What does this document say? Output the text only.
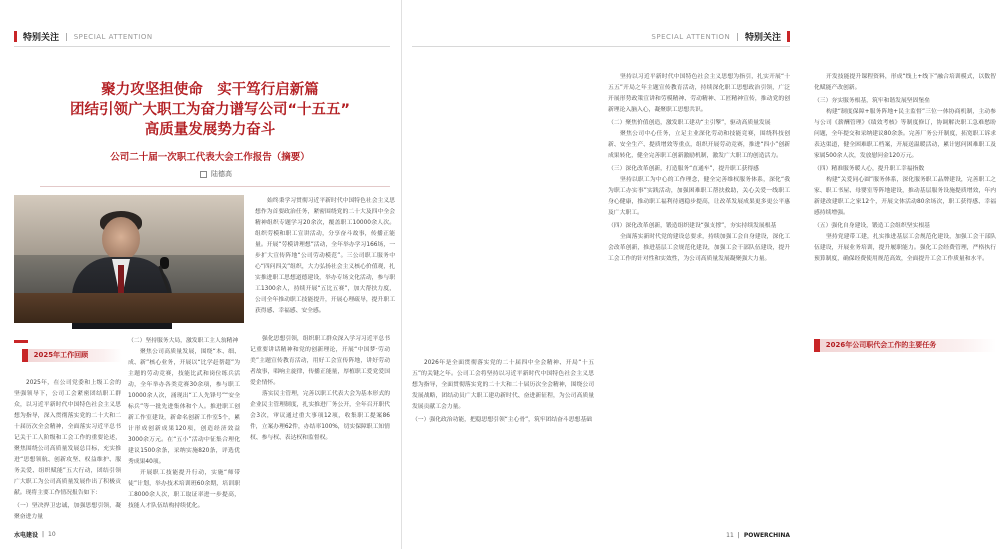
特别关注 | SPECIAL ATTENTION
聚力攻坚担使命　实干笃行启新篇
团结引领广大职工为奋力谱写公司“十五五”
高质量发展势力奋斗
公司二十届一次职工代表大会工作报告（摘要）
陆德高

始终秉学习贯彻习近平新时代中国特色社会主义思想作为首要政治任务，紧密围绕党的二十大及四中全会精神组织专题学习20余次，覆盖职工10000余人次。组织劳模和职工宣讲活动，分享奋斗故事，传播正能量。开展“劳模讲理想”活动，全年举办学习166场，一步扩大宣传阵地“公司劳动模范”。三公司职工服务中心“四问四关”组织，大力弘扬社会主义核心价值观，扎实推进职工思想道德建设，举办专场文化活动，参与职工1300余人，持续开展“五比五赛”，加大帮扶力度，公司全年推动职工技能提升，开展心理疏导，提升职工获得感、幸福感、安全感。

2025年工作回顾

2025年，在公司党委和上级工会的坚强领导下，公司工会紧密团结职工群众，以习近平新时代中国特色社会主义思想为指导，深入贯彻落实党的二十大和二十届历次全会精神，全面落实习近平总书记关于工人阶级和工会工作的重要论述，聚焦围绕公司高质量发展总目标，充实推进“思想领航、创新攻坚、权益维护、服务关爱、组织赋能”五大行动，团结引领广大职工为公司高质量发展作出了积极贡献。现将主要工作情况报告如下：

（一）坚决捍卫忠诚，加强思想引领，凝聚奋进力量

（二）坚持服务大局，激发职工主人翁精神

聚焦公司高质量发展，围绕“本、细、成、新”核心业务，开展以“比学赶帮超”为主题的劳动竞赛，技能比武和岗位练兵活动，全年举办各类竞赛30余项，参与职工10000余人次，涌现出“工人先锋号”“安全标兵”等一批先进集体和个人。推进职工创新工作室建设，新命名创新工作室5个，累计形成创新成果120项，创造经济效益3000余万元。在“五小”活动中征集合理化建议1500余条，采纳实施820条，评选优秀成果40项。

开展职工技能提升行动，实施“师带徒”计划，举办技术培训班60余期，培训职工8000余人次，职工取证率进一步提高，技能人才队伍结构持续优化。

强化思想引领，组织职工群众深入学习习近平总书记重要讲话精神和党的创新理论，开展“中国梦·劳动美”主题宣传教育活动，用好工会宣传阵地，讲好劳动者故事，唱响主旋律，传播正能量，厚植职工爱党爱国爱企情怀。

落实民主管理，完善以职工代表大会为基本形式的企业民主管理制度，扎实推进厂务公开，全年召开职代会3次，审议通过重大事项12项，收集职工提案86件，立案办理62件，办结率100%，切实保障职工知情权、参与权、表达权和监督权。

水电建设 | 10
SPECIAL ATTENTION | 特别关注

开发技能提升课程资料，形成“线上+线下”融合培训模式，以数智化赋能产改创新。

（三）夯实服务根基，筑牢和谐发展坚固堡垒

构建“制度保障+服务阵地+民主监督”三位一体协商机制，主动参与公司《薪酬管理》《绩效考核》等制度修订，协调解决职工急难愁盼问题，全年提交和采纳建议80余条。完善厂务公开制度，拓宽职工诉求表达渠道，健全困难职工档案，开展送温暖活动，累计慰问困难职工及家属500余人次，发放慰问金120万元。

（四）精准服务暖人心，提升职工幸福指数

构建“关爱同心圆”服务体系，深化服务职工品牌建设，完善职工之家、职工书屋、母婴室等阵地建设，推动基层服务设施提质增效，年内新建改建职工之家12个，开展文体活动80余场次，职工获得感、幸福感持续增强。

（五）强化自身建设，锻造工会组织坚实根基

坚持党建带工建，扎实推进基层工会规范化建设，加强工会干部队伍建设，开展业务培训，提升履职能力。强化工会经费管理，严格执行预算制度，确保经费使用规范高效，全面提升工会工作质量和水平。

2026年公司职代会工作的主要任务

2026年是全面贯彻落实党的二十届四中全会精神、开局“十五五”的关键之年。公司工会将坚持以习近平新时代中国特色社会主义思想为指导，全面贯彻落实党的二十大和二十届历次全会精神，围绕公司发展战略，团结动员广大职工建功新时代、奋进新征程，为公司高质量发展贡献工会力量。

（一）强化政治功能，把稳思想引领“主心骨”，筑牢团结奋斗思想基础

坚持以习近平新时代中国特色社会主义思想为指引，扎实开展“十五五”开局之年主题宣传教育活动，持续深化职工思想政治引领，广泛开展形势政策宣讲和劳模精神、劳动精神、工匠精神宣传，推动党的创新理论入脑入心，凝聚职工思想共识。

（二）聚焦价值创造，激发职工建功“主引擎”，驱动高质量发展

聚焦公司中心任务，立足主业深化劳动和技能竞赛，围绕科技创新、安全生产、提质增效等重点，组织开展劳动竞赛，推进“四小”创新成果转化，健全完善职工创新激励机制，激发广大职工的创造活力。

（三）深化改革创新，打造服务“直通车”，提升职工获得感

坚持以职工为中心的工作理念，健全完善维权服务体系，深化“我为职工办实事”实践活动，加强困难职工帮扶救助，关心关爱一线职工身心健康，推动职工福利待遇稳步提高，让改革发展成果更多更公平惠及广大职工。

（四）深化改革创新，锻造组织建设“强支撑”，夯实持续发展根基

全面落实新时代党的建设总要求，持续加强工会自身建设，深化工会改革创新，推进基层工会规范化建设，加强工会干部队伍建设，提升工会工作的针对性和实效性，为公司高质量发展凝聚强大力量。

11 | POWERCHINA
